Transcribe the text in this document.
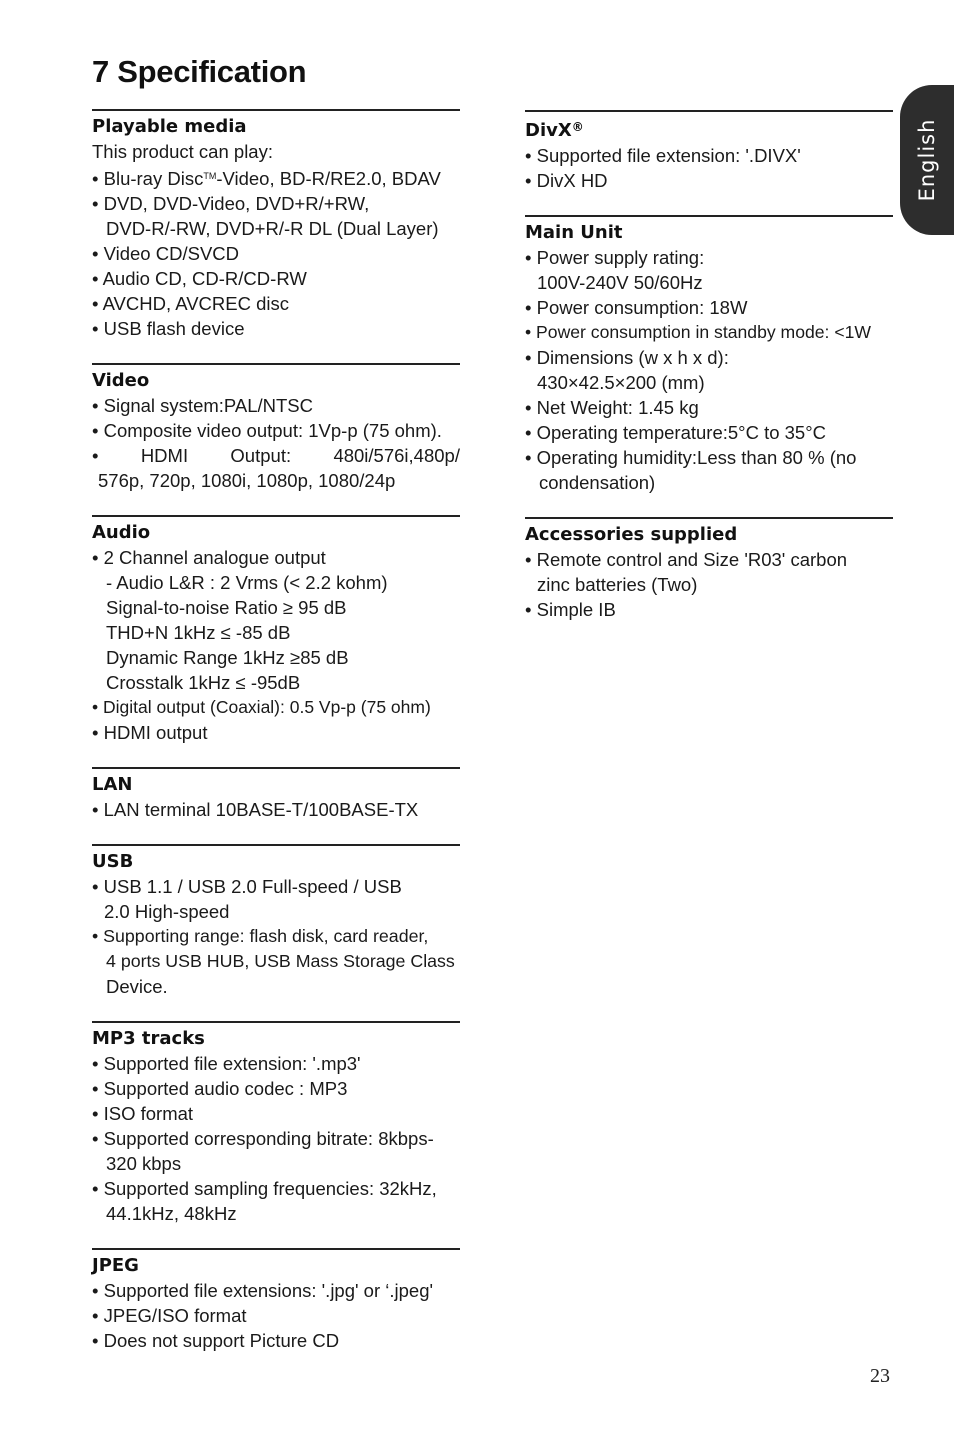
7 Specification
English
Playable media
This product can play:
• Blu-ray Disc™-Video, BD-R/RE2.0, BDAV
• DVD, DVD-Video, DVD+R/+RW,
DVD-R/-RW, DVD+R/-R DL (Dual Layer)
• Video CD/SVCD
• Audio CD, CD-R/CD-RW
• AVCHD, AVCREC disc
• USB flash device
Video
• Signal system:PAL/NTSC
• Composite video output: 1Vp-p (75 ohm).
• HDMI Output: 480i/576i,480p/
576p, 720p, 1080i, 1080p, 1080/24p
Audio
• 2 Channel analogue output
- Audio L&R : 2 Vrms (< 2.2 kohm)
Signal-to-noise Ratio ≥ 95 dB
THD+N 1kHz ≤ -85 dB
Dynamic Range 1kHz ≥85 dB
Crosstalk 1kHz ≤ -95dB
• Digital output (Coaxial): 0.5 Vp-p (75 ohm)
• HDMI output
LAN
• LAN terminal 10BASE-T/100BASE-TX
USB
• USB 1.1 / USB 2.0 Full-speed / USB
2.0 High-speed
• Supporting range: flash disk, card reader,
4 ports USB HUB, USB Mass Storage Class
Device.
MP3 tracks
• Supported file extension: '.mp3'
• Supported audio codec : MP3
• ISO format
• Supported corresponding bitrate: 8kbps-
320 kbps
• Supported sampling frequencies: 32kHz,
44.1kHz, 48kHz
JPEG
• Supported file extensions: '.jpg' or ‘.jpeg'
• JPEG/ISO format
• Does not support Picture CD
DivX®
• Supported file extension: '.DIVX'
• DivX HD
Main Unit
• Power supply rating:
100V-240V 50/60Hz
• Power consumption: 18W
• Power consumption in standby mode: <1W
• Dimensions (w x h x d):
430×42.5×200 (mm)
• Net Weight: 1.45 kg
• Operating temperature:5°C to 35°C
• Operating humidity:Less than 80 % (no
condensation)
Accessories supplied
• Remote control and Size 'R03' carbon
zinc batteries (Two)
• Simple IB
23
